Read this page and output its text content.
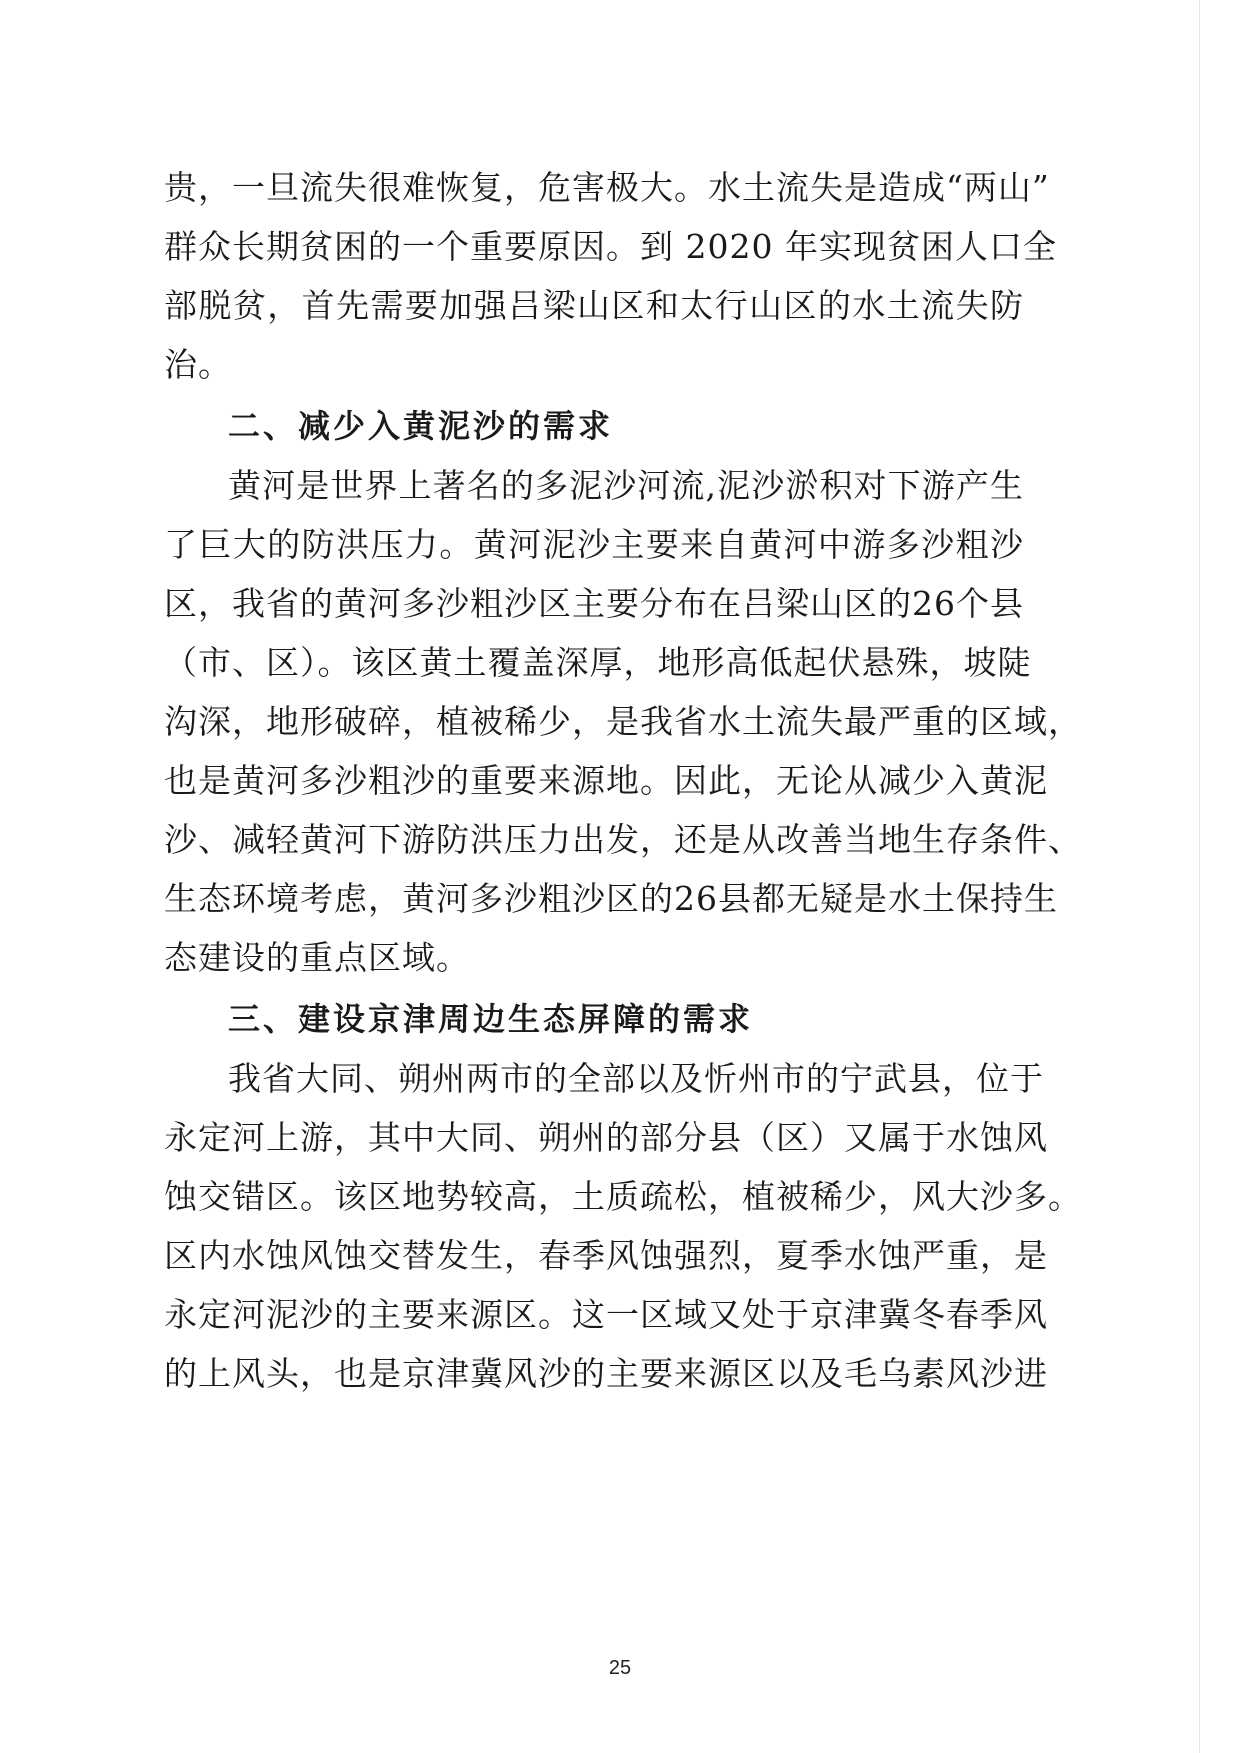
贵，一旦流失很难恢复，危害极大。水土流失是造成“两山”
群众长期贫困的一个重要原因。到 2020 年实现贫困人口全
部脱贫，首先需要加强吕梁山区和太行山区的水土流失防
治。
二、减少入黄泥沙的需求
黄河是世界上著名的多泥沙河流,泥沙淤积对下游产生
了巨大的防洪压力。黄河泥沙主要来自黄河中游多沙粗沙
区，我省的黄河多沙粗沙区主要分布在吕梁山区的26个县
（市、区）。该区黄土覆盖深厚，地形高低起伏悬殊，坡陡
沟深，地形破碎，植被稀少，是我省水土流失最严重的区域，
也是黄河多沙粗沙的重要来源地。因此，无论从减少入黄泥
沙、减轻黄河下游防洪压力出发，还是从改善当地生存条件、
生态环境考虑，黄河多沙粗沙区的26县都无疑是水土保持生
态建设的重点区域。
三、建设京津周边生态屏障的需求
我省大同、朔州两市的全部以及忻州市的宁武县，位于
永定河上游，其中大同、朔州的部分县（区）又属于水蚀风
蚀交错区。该区地势较高，土质疏松，植被稀少，风大沙多。
区内水蚀风蚀交替发生，春季风蚀强烈，夏季水蚀严重，是
永定河泥沙的主要来源区。这一区域又处于京津冀冬春季风
的上风头，也是京津冀风沙的主要来源区以及毛乌素风沙进
25
